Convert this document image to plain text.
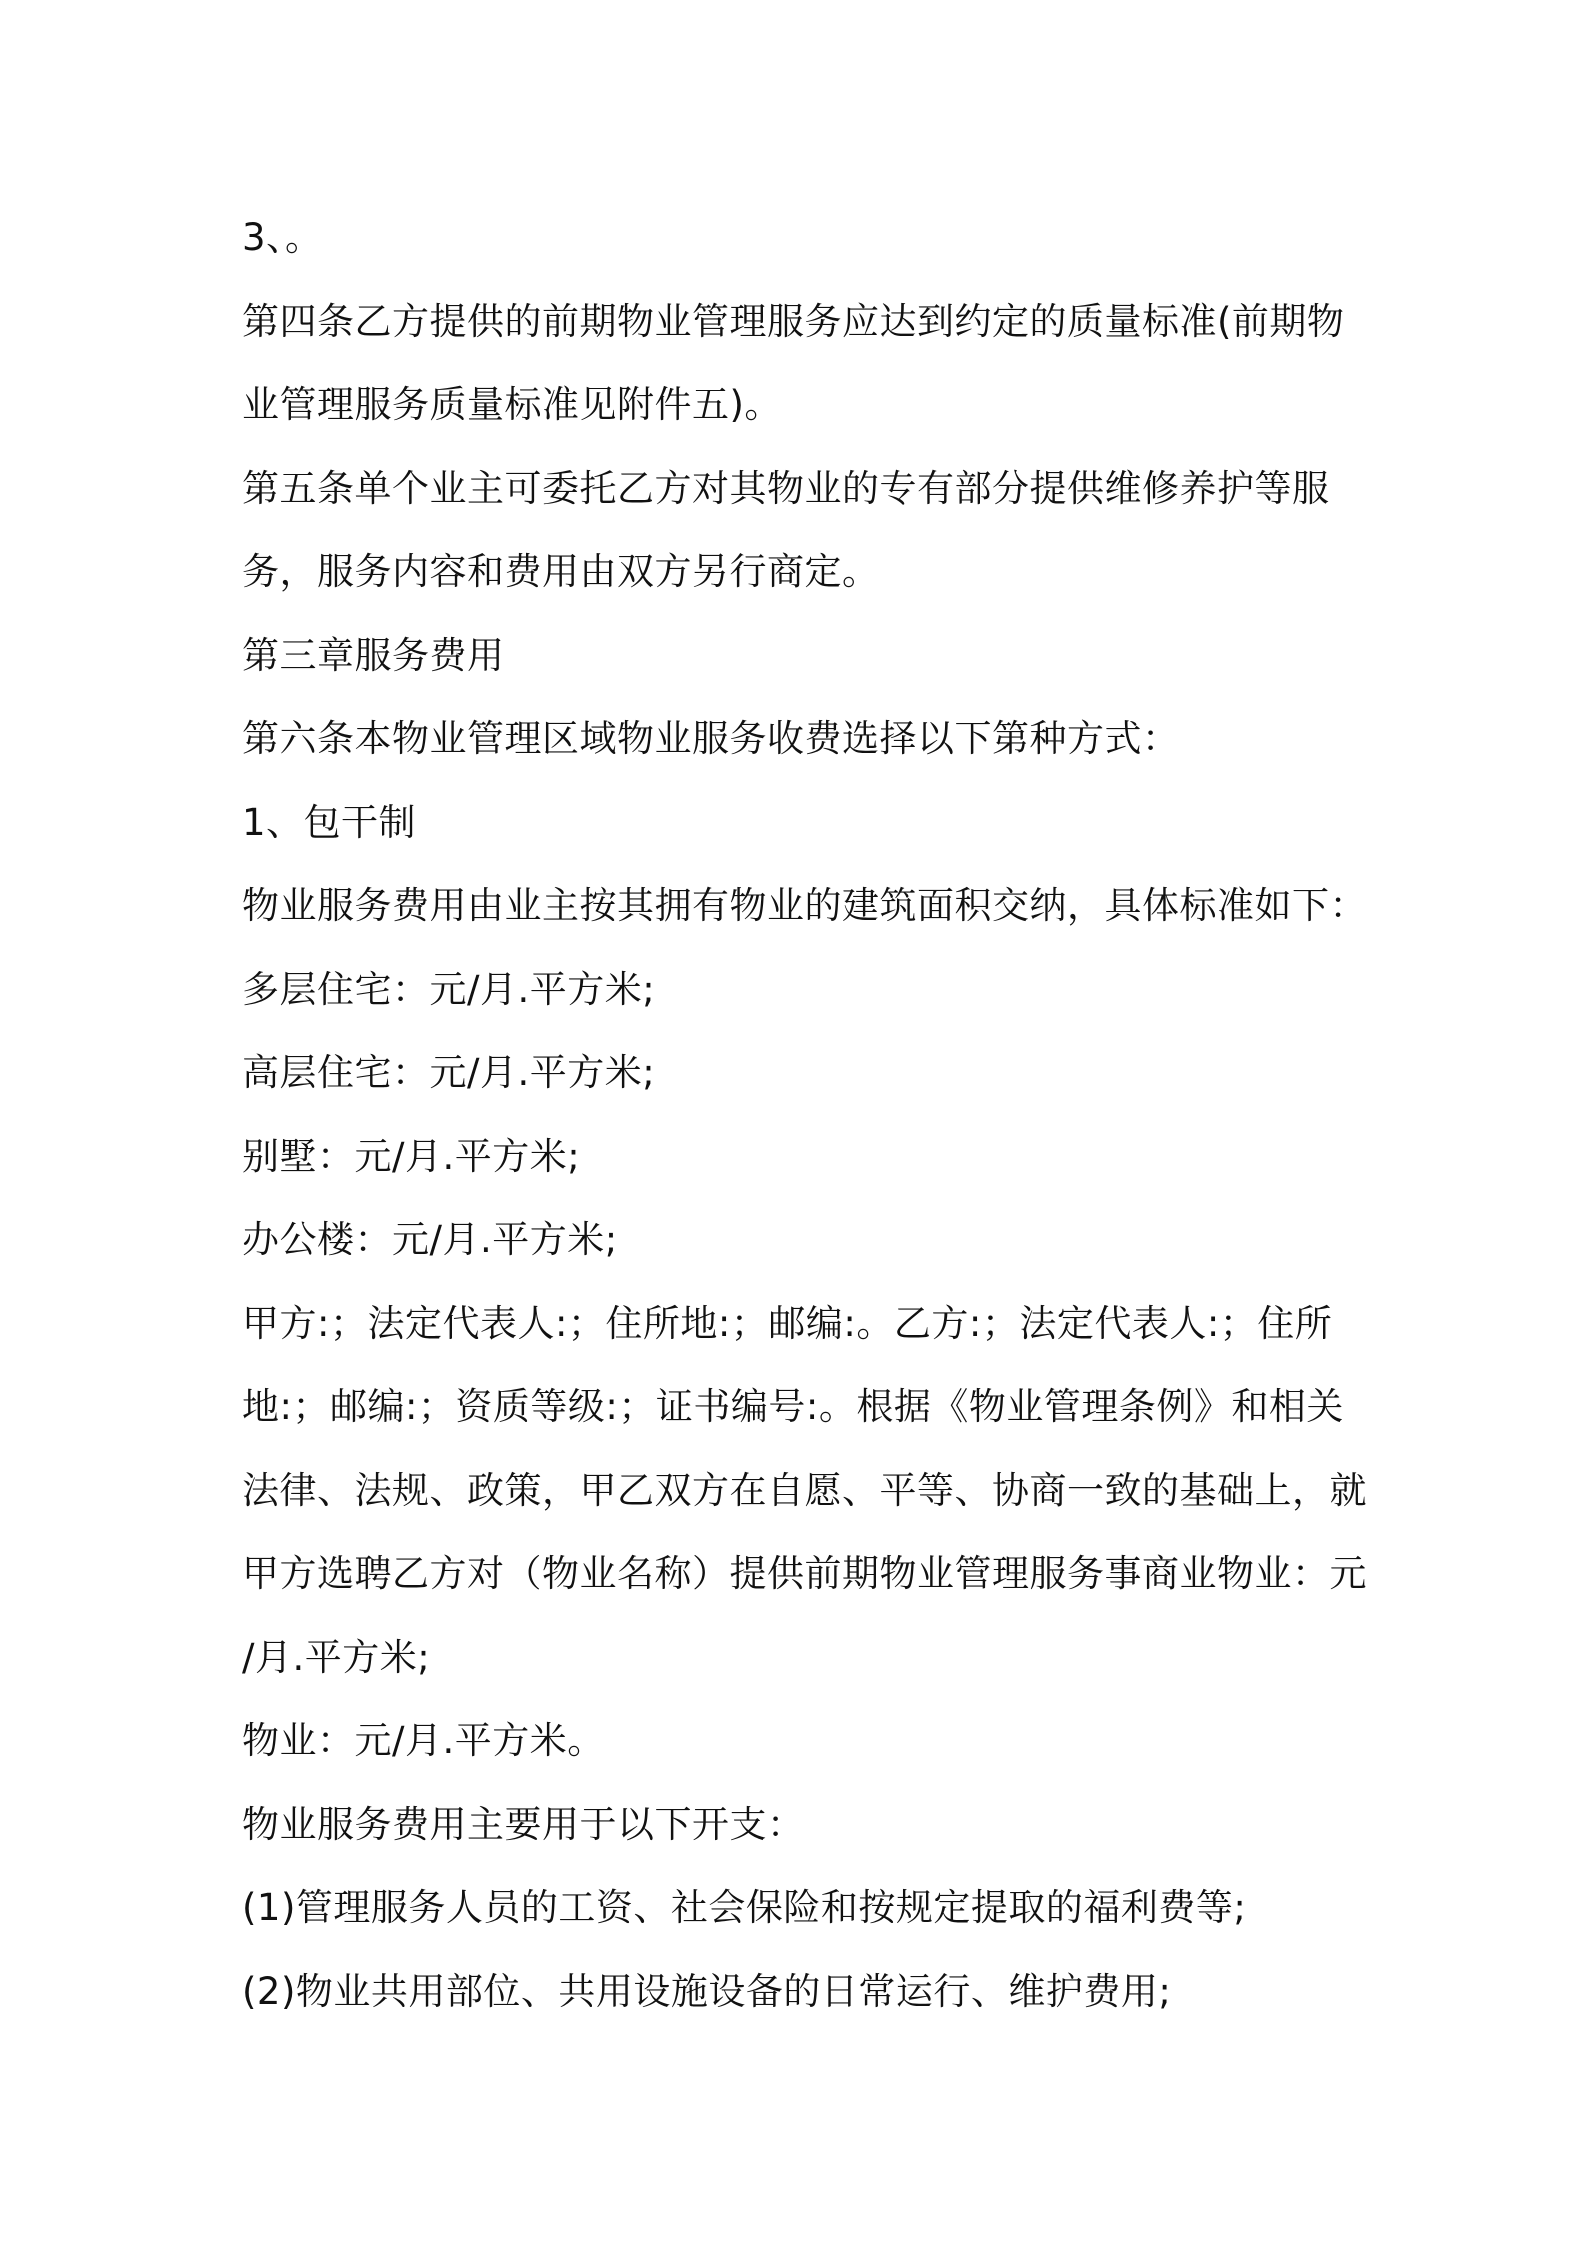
3、。
第四条乙方提供的前期物业管理服务应达到约定的质量标准(前期物
业管理服务质量标准见附件五)。
第五条单个业主可委托乙方对其物业的专有部分提供维修养护等服
务，服务内容和费用由双方另行商定。
第三章服务费用
第六条本物业管理区域物业服务收费选择以下第种方式：
1、包干制
物业服务费用由业主按其拥有物业的建筑面积交纳，具体标准如下：
多层住宅：元/月.平方米;
高层住宅：元/月.平方米;
别墅：元/月.平方米;
办公楼：元/月.平方米;
甲方:；法定代表人:；住所地:；邮编:。乙方:；法定代表人:；住所
地:；邮编:；资质等级:；证书编号:。根据《物业管理条例》和相关
法律、法规、政策，甲乙双方在自愿、平等、协商一致的基础上，就
甲方选聘乙方对（物业名称）提供前期物业管理服务事商业物业：元
/月.平方米;
物业：元/月.平方米。
物业服务费用主要用于以下开支：
(1)管理服务人员的工资、社会保险和按规定提取的福利费等;
(2)物业共用部位、共用设施设备的日常运行、维护费用;
